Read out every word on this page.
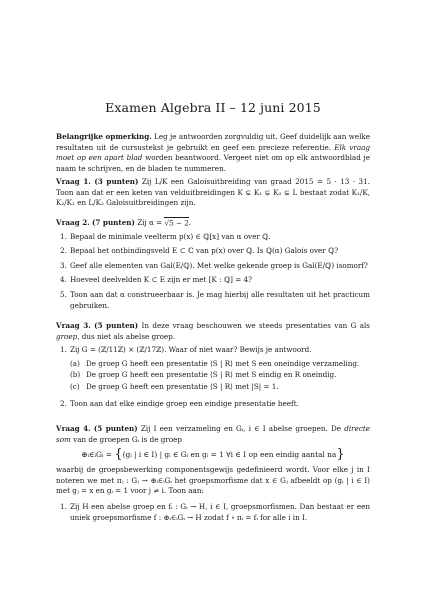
Examen Algebra II – 12 juni 2015

Belangrijke opmerking. Leg je antwoorden zorgvuldig uit. Geef duidelijk aan welke resultaten uit de cursustekst je gebruikt en geef een precieze referentie. Elk vraag moet op een apart blad worden beantwoord. Vergeet niet om op elk antwoordblad je naam te schrijven, en de bladen te nummeren.

Vraag 1. (3 punten) Zij L/K een Galoisuitbreiding van graad 2015 = 5 · 13 · 31. Toon aan dat er een keten van velduitbreidingen K ⊊ K₁ ⊊ K₂ ⊊ L bestaat zodat K₁/K, K₂/K₁ en L/K₂ Galoisuitbreidingen zijn.

Vraag 2. (7 punten) Zij α = √5 − 2.

1. Bepaal de minimale veelterm p(x) ∈ ℚ[x] van α over ℚ.
2. Bepaal het ontbindingsveld E ⊂ ℂ van p(x) over ℚ. Is ℚ(α) Galois over ℚ?
3. Geef alle elementen van Gal(E/ℚ). Met welke gekende groep is Gal(E/ℚ) isomorf?
4. Hoeveel deelvelden K ⊂ E zijn er met [K : ℚ] = 4?
5. Toon aan dat α construeerbaar is. Je mag hierbij alle resultaten uit het practicum gebruiken.

Vraag 3. (5 punten) In deze vraag beschouwen we steeds presentaties van G als groep, dus niet als abelse groep.

1. Zij G = (ℤ/11ℤ) × (ℤ/17ℤ). Waar of niet waar? Bewijs je antwoord.
(a) De groep G heeft een presentatie ⟨S | R⟩ met S een oneindige verzameling.
(b) De groep G heeft een presentatie ⟨S | R⟩ met S eindig en R oneindig.
(c) De groep G heeft een presentatie ⟨S | R⟩ met |S| = 1.
2. Toon aan dat elke eindige groep een eindige presentatie heeft.

Vraag 4. (5 punten) Zij I een verzameling en Gᵢ, i ∈ I abelse groepen. De directe som van de groepen Gᵢ is de groep

⊕ᵢ∈ᵢGᵢ = {(gᵢ | i ∈ I) | gᵢ ∈ Gᵢ en gᵢ = 1 ∀i ∈ I op een eindig aantal na}

waarbij de groepsbewerking componentsgewijs gedefinieerd wordt. Voor elke j in I noteren we met πⱼ : Gⱼ → ⊕ᵢ∈ᵢGᵢ het groepsmorfisme dat x ∈ Gⱼ afbeeldt op (gᵢ | i ∈ I) met gⱼ = x en gᵢ = 1 voor j ≠ i. Toon aan:

1. Zij H een abelse groep en fᵢ : Gᵢ → H, i ∈ I, groepsmorfismen. Dan bestaat er een uniek groepsmorfisme f : ⊕ᵢ∈ᵢGᵢ → H zodat f ∘ πᵢ = fᵢ for alle i in I.
